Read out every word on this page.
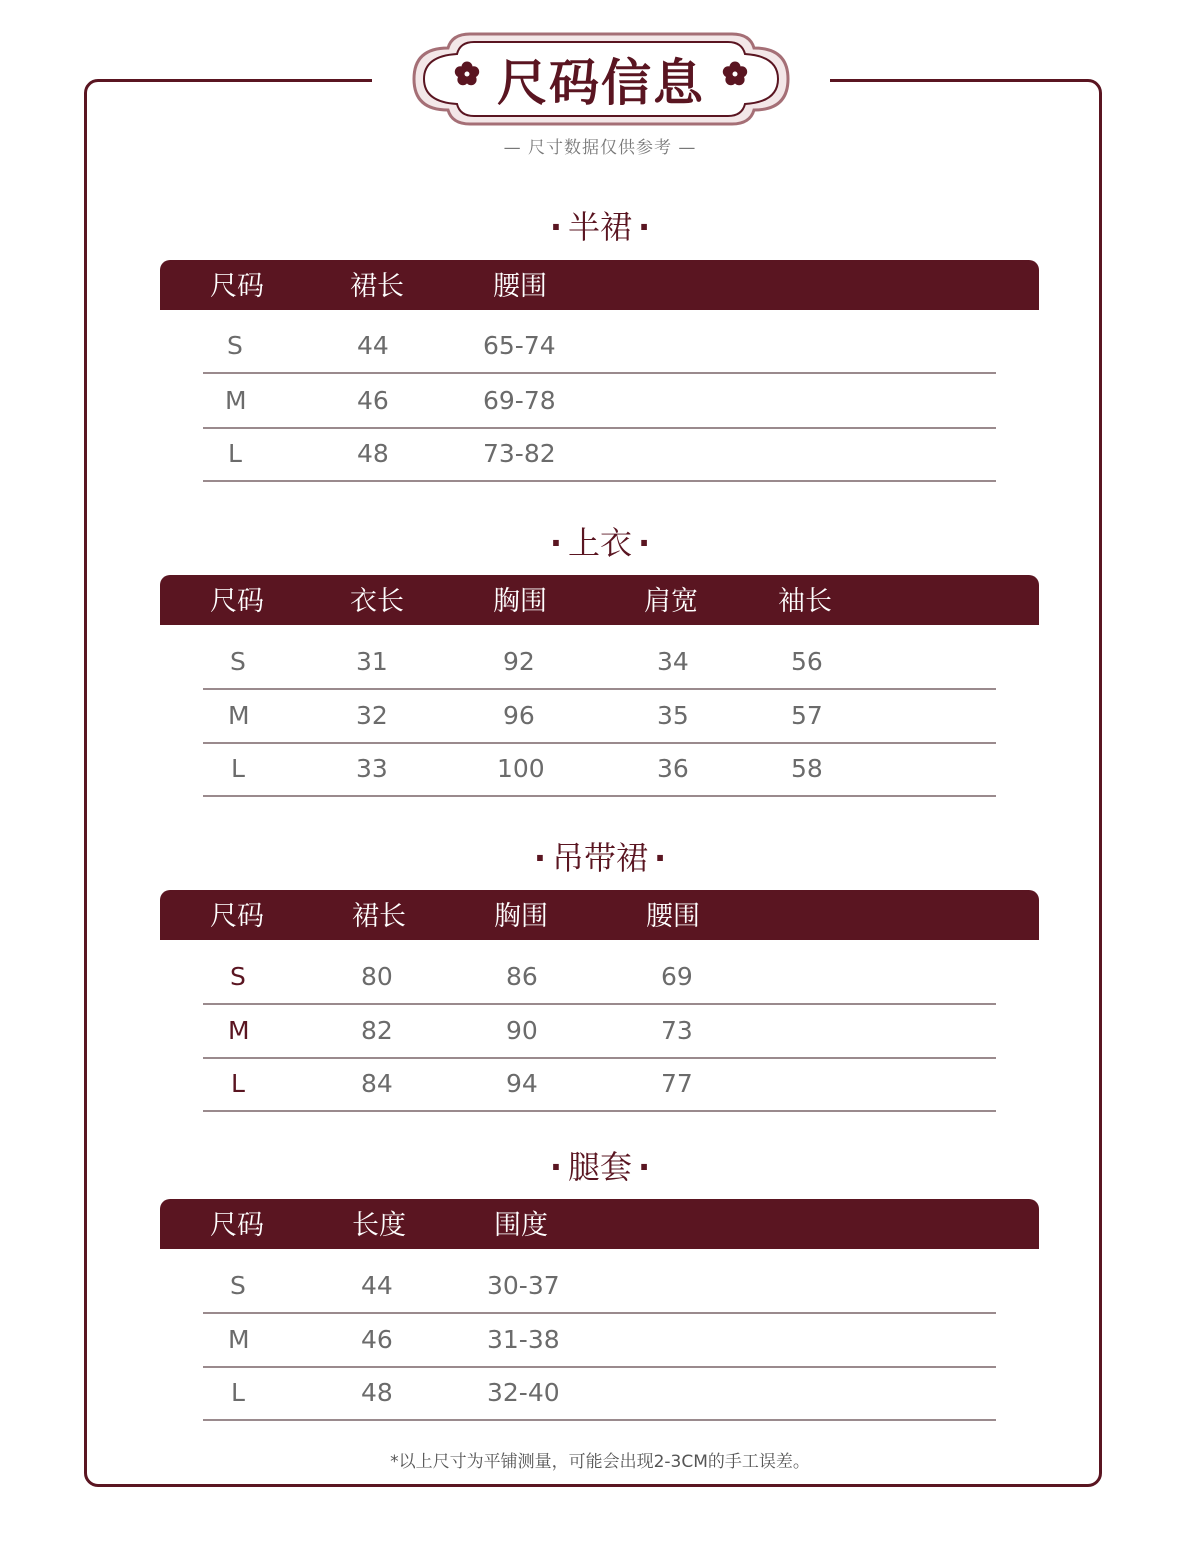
尺码信息
— 尺寸数据仅供参考 —
· 半裙 ·
尺码	裙长	腰围
S	44	65-74
M	46	69-78
L	48	73-82
· 上衣 ·
尺码	衣长	胸围	肩宽	袖长
S	31	92	34	56
M	32	96	35	57
L	33	100	36	58
· 吊带裙 ·
尺码	裙长	胸围	腰围
S	80	86	69
M	82	90	73
L	84	94	77
· 腿套 ·
尺码	长度	围度
S	44	30-37
M	46	31-38
L	48	32-40
*以上尺寸为平铺测量，可能会出现2-3CM的手工误差。
